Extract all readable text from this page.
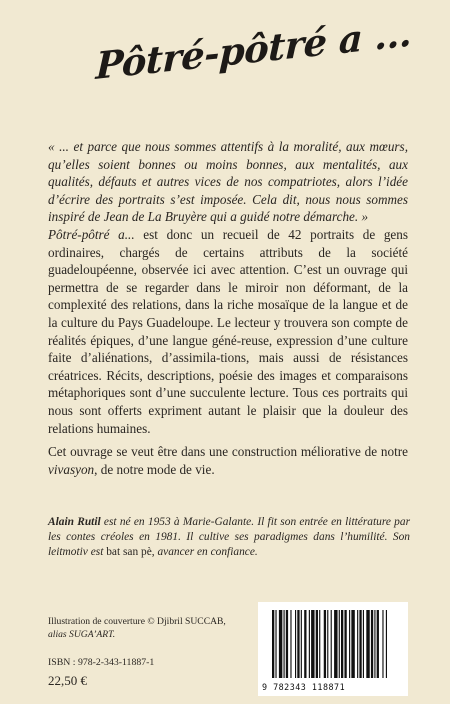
Pôtré-pôtré a ...

« ... et parce que nous sommes attentifs à la moralité, aux mœurs, qu’elles soient bonnes ou moins bonnes, aux mentalités, aux qualités, défauts et autres vices de nos compatriotes, alors l’idée d’écrire des portraits s’est imposée. Cela dit, nous nous sommes inspiré de Jean de La Bruyère qui a guidé notre démarche. »

Pôtré-pôtré a... est donc un recueil de 42 portraits de gens ordinaires, chargés de certains attributs de la société guadeloupéenne, observée ici avec attention. C’est un ouvrage qui permettra de se regarder dans le miroir non déformant, de la complexité des relations, dans la riche mosaïque de la langue et de la culture du Pays Guadeloupe. Le lecteur y trouvera son compte de réalités épiques, d’une langue géné-reuse, expression d’une culture faite d’aliénations, d’assimila-tions, mais aussi de résistances créatrices. Récits, descriptions, poésie des images et comparaisons métaphoriques sont d’une succulente lecture. Tous ces portraits qui nous sont offerts expriment autant le plaisir que la douleur des relations humaines.

Cet ouvrage se veut être dans une construction méliorative de notre vivasyon, de notre mode de vie.

Alain Rutil est né en 1953 à Marie-Galante. Il fit son entrée en littérature par les contes créoles en 1981. Il cultive ses paradigmes dans l’humilité. Son leitmotiv est bat san pè, avancer en confiance.
Illustration de couverture © Djibril SUCCAB,
alias SUGA’ART.
ISBN : 978-2-343-11887-1
22,50 €	9 782343 118871
